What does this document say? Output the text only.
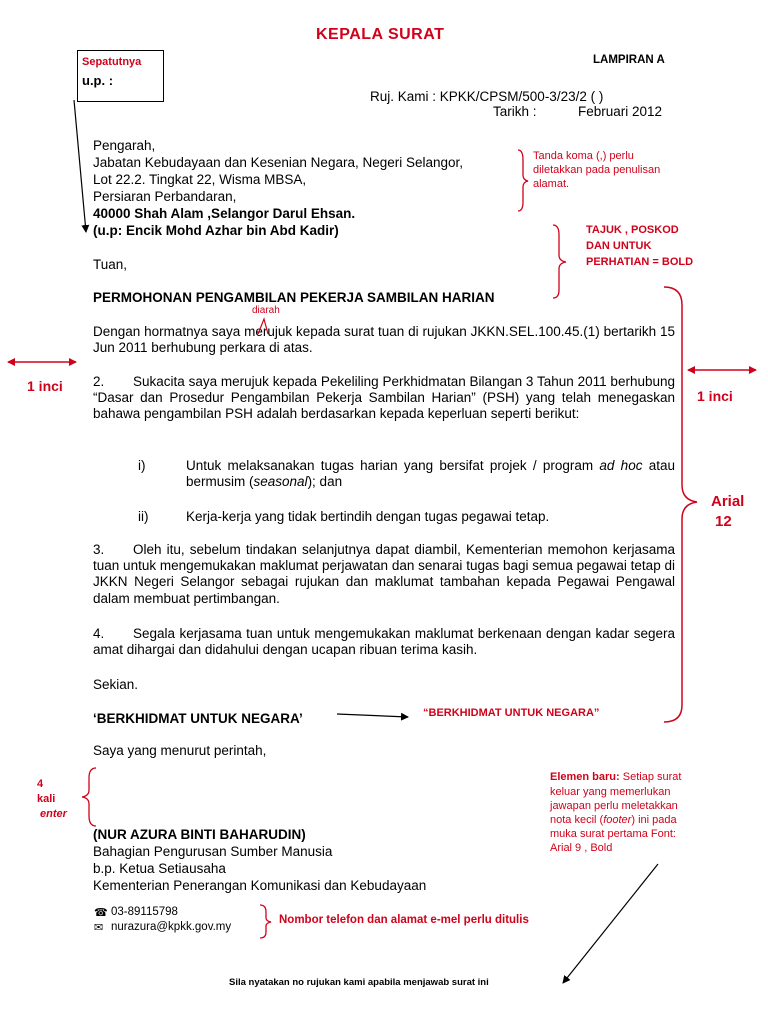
KEPALA SURAT
LAMPIRAN A
Sepatutnya
u.p. :
Ruj. Kami : KPKK/CPSM/500-3/23/2 ( )
Tarikh :	Februari 2012
Pengarah,
Jabatan Kebudayaan dan Kesenian Negara, Negeri Selangor,
Lot 22.2. Tingkat 22, Wisma MBSA,
Persiaran Perbandaran,
40000 Shah Alam ,Selangor Darul Ehsan.
(u.p: Encik Mohd Azhar bin Abd Kadir)
Tuan,
PERMOHONAN PENGAMBILAN PEKERJA SAMBILAN HARIAN
Dengan hormatnya saya merujuk kepada surat tuan di rujukan JKKN.SEL.100.45.(1) bertarikh 15 Jun 2011 berhubung perkara di atas.
2. Sukacita saya merujuk kepada Pekeliling Perkhidmatan Bilangan 3 Tahun 2011 berhubung “Dasar dan Prosedur Pengambilan Pekerja Sambilan Harian” (PSH) yang telah menegaskan bahawa pengambilan PSH adalah berdasarkan kepada keperluan seperti berikut:
i)	Untuk melaksanakan tugas harian yang bersifat projek / program ad hoc atau bermusim (seasonal); dan
ii)	Kerja-kerja yang tidak bertindih dengan tugas pegawai tetap.
3. Oleh itu, sebelum tindakan selanjutnya dapat diambil, Kementerian memohon kerjasama tuan untuk mengemukakan maklumat perjawatan dan senarai tugas bagi semua pegawai tetap di JKKN Negeri Selangor sebagai rujukan dan maklumat tambahan kepada Pegawai Pengawal dalam membuat pertimbangan.
4. Segala kerjasama tuan untuk mengemukakan maklumat berkenaan dengan kadar segera amat dihargai dan didahului dengan ucapan ribuan terima kasih.
Sekian.
‘BERKHIDMAT UNTUK NEGARA’
Saya yang menurut perintah,
(NUR AZURA BINTI BAHARUDIN)
Bahagian Pengurusan Sumber Manusia
b.p. Ketua Setiausaha
Kementerian Penerangan Komunikasi dan Kebudayaan
☎ 03-89115798
✉ nurazura@kpkk.gov.my
Sila nyatakan no rujukan kami apabila menjawab surat ini
Tanda koma (,) perlu
diletakkan pada penulisan
alamat.
TAJUK , POSKOD
DAN UNTUK
PERHATIAN = BOLD
diarah
1 inci
1 inci
Arial
12
“BERKHIDMAT UNTUK NEGARA”
4
kali
enter
Elemen baru: Setiap surat
keluar yang memerlukan
jawapan perlu meletakkan
nota kecil (footer) ini pada
muka surat pertama Font:
Arial 9 , Bold
Nombor telefon dan alamat e-mel perlu ditulis
